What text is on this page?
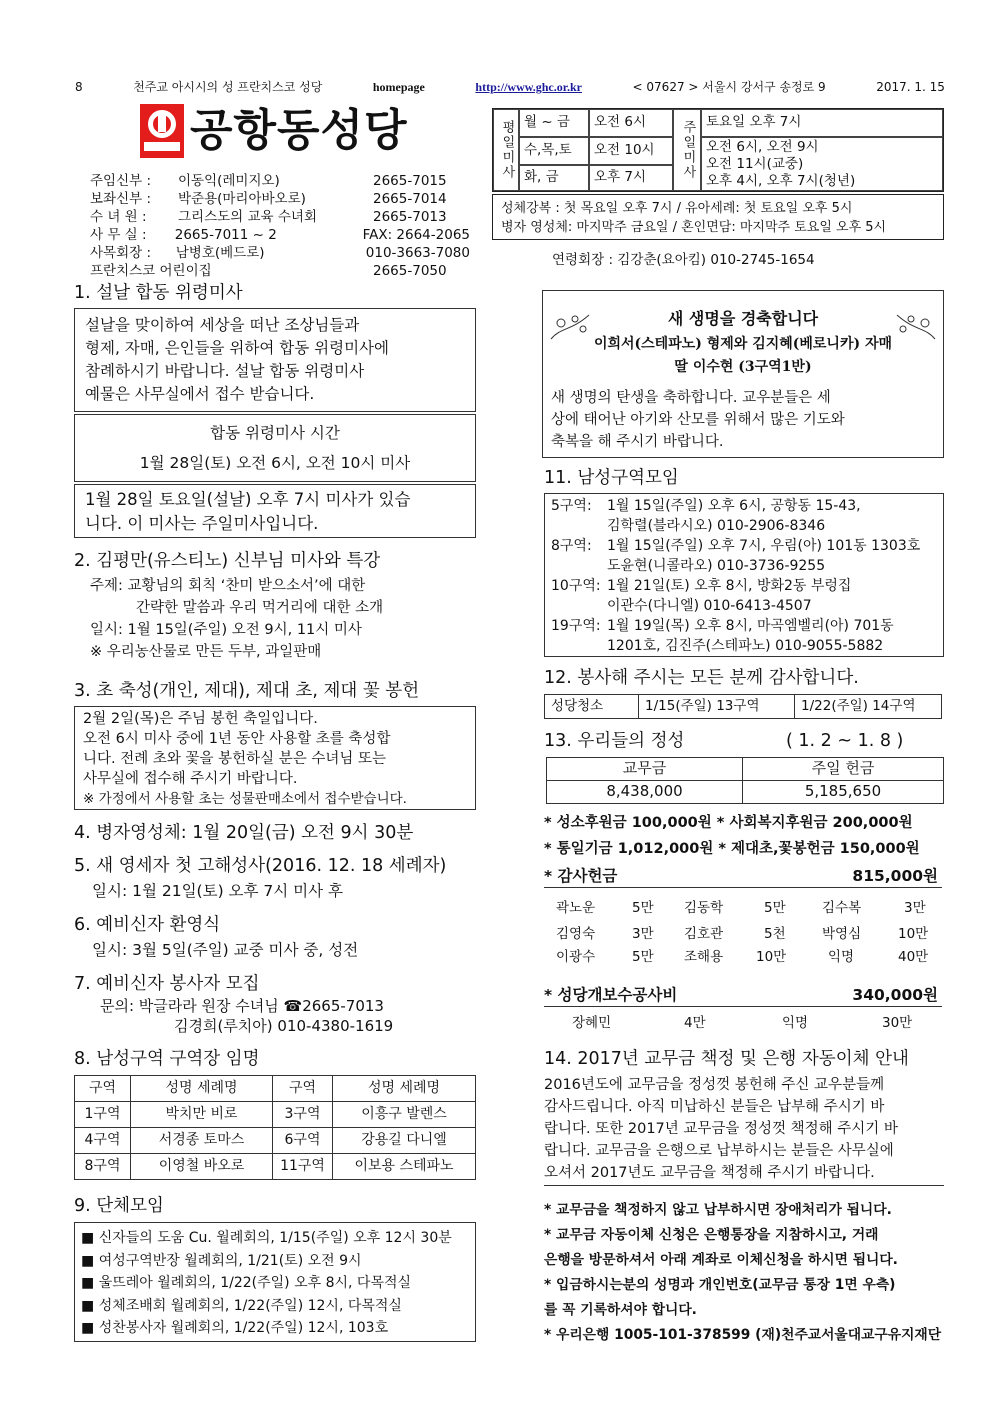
8	천주교 아시시의 성 프란치스코 성당	homepage	http://www.ghc.or.kr	< 07627 > 서울시 강서구 송정로 9	2017. 1. 15
공항동성당
주임신부 :	이동익(레미지오)	2665-7015
보좌신부 :	박준용(마리아바오로)	2665-7014
수 녀 원 :	그리스도의 교육 수녀회	2665-7013
사 무 실 :	2665-7011 ~ 2	FAX: 2664-2065
사목회장 :	남병호(베드로)	010-3663-7080
프란치스코 어린이집	2665-7050
평일미사 월 ~ 금	오전 6시	주일미사 토요일 오후 7시
수,목,토	오전 10시	오전 6시, 오전 9시
오전 11시(교중)
오후 4시, 오후 7시(청년)
화, 금	오후 7시
성체강복 : 첫 목요일 오후 7시 / 유아세례: 첫 토요일 오후 5시
병자 영성체: 마지막주 금요일 / 혼인면담: 마지막주 토요일 오후 5시
연령회장 : 김강춘(요아킴) 010-2745-1654
1. 설날 합동 위령미사
설날을 맞이하여 세상을 떠난 조상님들과
형제, 자매, 은인들을 위하여 합동 위령미사에
참례하시기 바랍니다. 설날 합동 위령미사
예물은 사무실에서 접수 받습니다.
합동 위령미사 시간
1월 28일(토) 오전 6시, 오전 10시 미사
1월 28일 토요일(설날) 오후 7시 미사가 있습
니다. 이 미사는 주일미사입니다.
2. 김평만(유스티노) 신부님 미사와 특강
주제: 교황님의 회칙 ‘찬미 받으소서’에 대한
간략한 말씀과 우리 먹거리에 대한 소개
일시: 1월 15일(주일) 오전 9시, 11시 미사
※ 우리농산물로 만든 두부, 과일판매
3. 초 축성(개인, 제대), 제대 초, 제대 꽃 봉헌
2월 2일(목)은 주님 봉헌 축일입니다.
오전 6시 미사 중에 1년 동안 사용할 초를 축성합
니다. 전례 초와 꽃을 봉헌하실 분은 수녀님 또는
사무실에 접수해 주시기 바랍니다.
※ 가정에서 사용할 초는 성물판매소에서 접수받습니다.
4. 병자영성체: 1월 20일(금) 오전 9시 30분
5. 새 영세자 첫 고해성사(2016. 12. 18 세례자)
일시: 1월 21일(토) 오후 7시 미사 후
6. 예비신자 환영식
일시: 3월 5일(주일) 교중 미사 중, 성전
7. 예비신자 봉사자 모집
문의: 박글라라 원장 수녀님 ☎2665-7013
김경희(루치아) 010-4380-1619
8. 남성구역 구역장 임명
구역	성명 세례명	구역	성명 세례명
1구역	박치만 비로	3구역	이흥구 발렌스
4구역	서경종 토마스	6구역	강용길 다니엘
8구역	이영철 바오로	11구역	이보용 스테파노
9. 단체모임
■ 신자들의 도움 Cu. 월례회의, 1/15(주일) 오후 12시 30분
■ 여성구역반장 월례회의, 1/21(토) 오전 9시
■ 울뜨레아 월례회의, 1/22(주일) 오후 8시, 다목적실
■ 성체조배회 월례회의, 1/22(주일) 12시, 다목적실
■ 성찬봉사자 월례회의, 1/22(주일) 12시, 103호
새 생명을 경축합니다
이희서(스테파노) 형제와 김지혜(베로니카) 자매
딸 이수현 (3구역1반)
새 생명의 탄생을 축하합니다. 교우분들은 세
상에 태어난 아기와 산모를 위해서 많은 기도와
축복을 해 주시기 바랍니다.
11. 남성구역모임
5구역:	1월 15일(주일) 오후 6시, 공항동 15-43,
김학렬(블라시오) 010-2906-8346
8구역:	1월 15일(주일) 오후 7시, 우림(아) 101동 1303호
도윤현(니콜라오) 010-3736-9255
10구역: 1월 21일(토) 오후 8시, 방화2동 부렁집
이관수(다니엘) 010-6413-4507
19구역: 1월 19일(목) 오후 8시, 마곡엠벨리(아) 701동
1201호, 김진주(스테파노) 010-9055-5882
12. 봉사해 주시는 모든 분께 감사합니다.
성당청소	1/15(주일) 13구역	1/22(주일) 14구역
13. 우리들의 정성	( 1. 2 ~ 1. 8 )
교무금	주일 헌금
8,438,000	5,185,650
* 성소후원금 100,000원 * 사회복지후원금 200,000원
* 통일기금 1,012,000원 * 제대초,꽃봉헌금 150,000원
* 감사헌금	815,000원
곽노운	5만 김동학	5만	김수복	3만
김영숙	3만 김호관	5천	박영심	10만
이광수	5만 조해용 10만	익명	40만
* 성당개보수공사비	340,000원
장혜민	4만	익명	30만
14. 2017년 교무금 책정 및 은행 자동이체 안내
2016년도에 교무금을 정성껏 봉헌해 주신 교우분들께
감사드립니다. 아직 미납하신 분들은 납부해 주시기 바
랍니다. 또한 2017년 교무금을 정성껏 책정해 주시기 바
랍니다. 교무금을 은행으로 납부하시는 분들은 사무실에
오셔서 2017년도 교무금을 책정해 주시기 바랍니다.
* 교무금을 책정하지 않고 납부하시면 장애처리가 됩니다.
* 교무금 자동이체 신청은 은행통장을 지참하시고, 거래
은행을 방문하셔서 아래 계좌로 이체신청을 하시면 됩니다.
* 입금하시는분의 성명과 개인번호(교무금 통장 1면 우측)
를 꼭 기록하셔야 합니다.
* 우리은행 1005-101-378599 (재)천주교서울대교구유지재단
